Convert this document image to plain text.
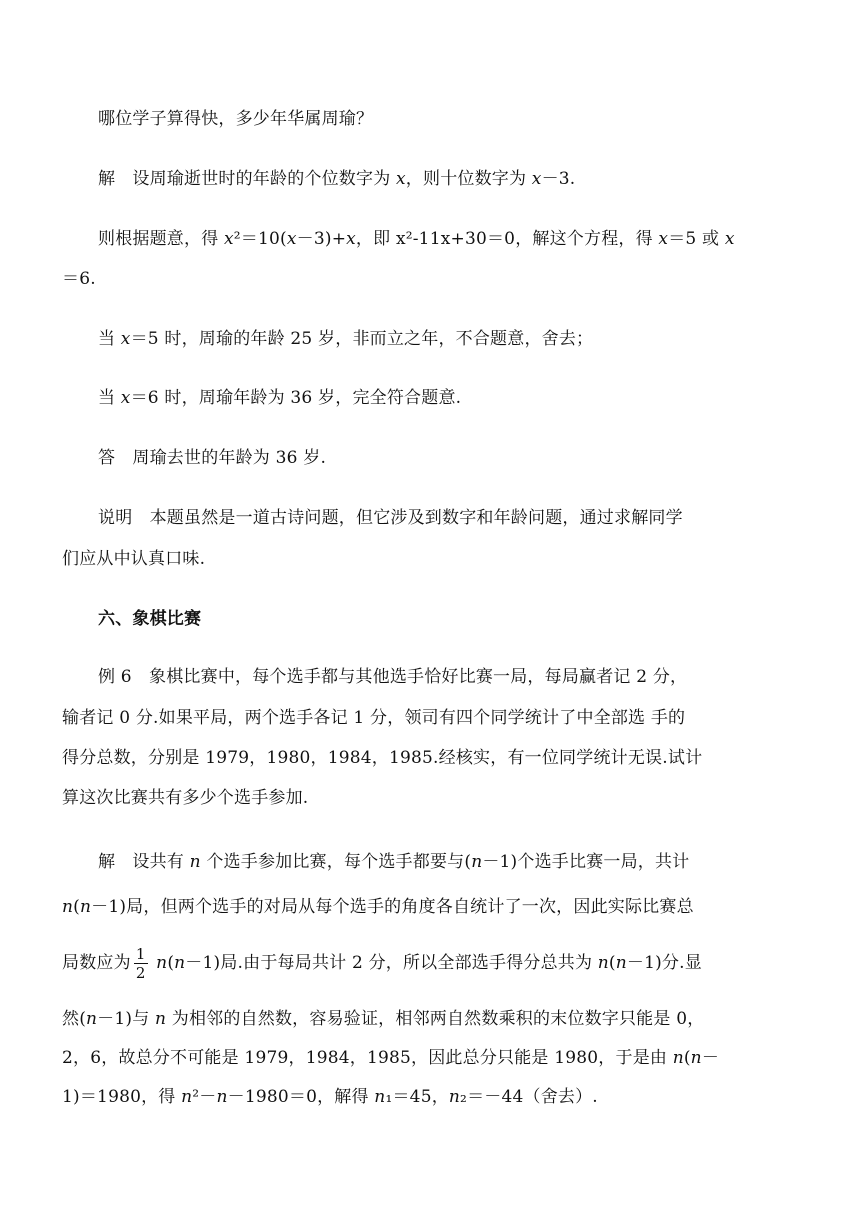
哪位学子算得快，多少年华属周瑜？
解　设周瑜逝世时的年龄的个位数字为 𝑥，则十位数字为 𝑥－3.
则根据题意，得 𝑥²＝10(𝑥－3)+𝑥，即 x²-11x+30＝0，解这个方程，得 𝑥＝5 或 𝑥
＝6.
当 𝑥＝5 时，周瑜的年龄 25 岁，非而立之年，不合题意，舍去；
当 𝑥＝6 时，周瑜年龄为 36 岁，完全符合题意.
答　周瑜去世的年龄为 36 岁.
说明　本题虽然是一道古诗问题，但它涉及到数字和年龄问题，通过求解同学
们应从中认真口味.
六、象棋比赛
例 6　象棋比赛中，每个选手都与其他选手恰好比赛一局，每局赢者记 2 分，
输者记 0 分.如果平局，两个选手各记 1 分，领司有四个同学统计了中全部选 手的
得分总数，分别是 1979，1980，1984，1985.经核实，有一位同学统计无误.试计
算这次比赛共有多少个选手参加.
解　设共有 𝑛 个选手参加比赛，每个选手都要与(𝑛－1)个选手比赛一局，共计
𝑛(𝑛－1)局，但两个选手的对局从每个选手的角度各自统计了一次，因此实际比赛总
局数应为 $\frac{1}{2}$ 𝑛(𝑛－1)局.由于每局共计 2 分，所以全部选手得分总共为 𝑛(𝑛－1)分.显
然(𝑛－1)与 𝑛 为相邻的自然数，容易验证，相邻两自然数乘积的末位数字只能是 0，
2，6，故总分不可能是 1979，1984，1985，因此总分只能是 1980，于是由 𝑛(𝑛－
1)＝1980，得 𝑛²－𝑛－1980＝0，解得 𝑛₁＝45，𝑛₂＝－44（舍去）.
